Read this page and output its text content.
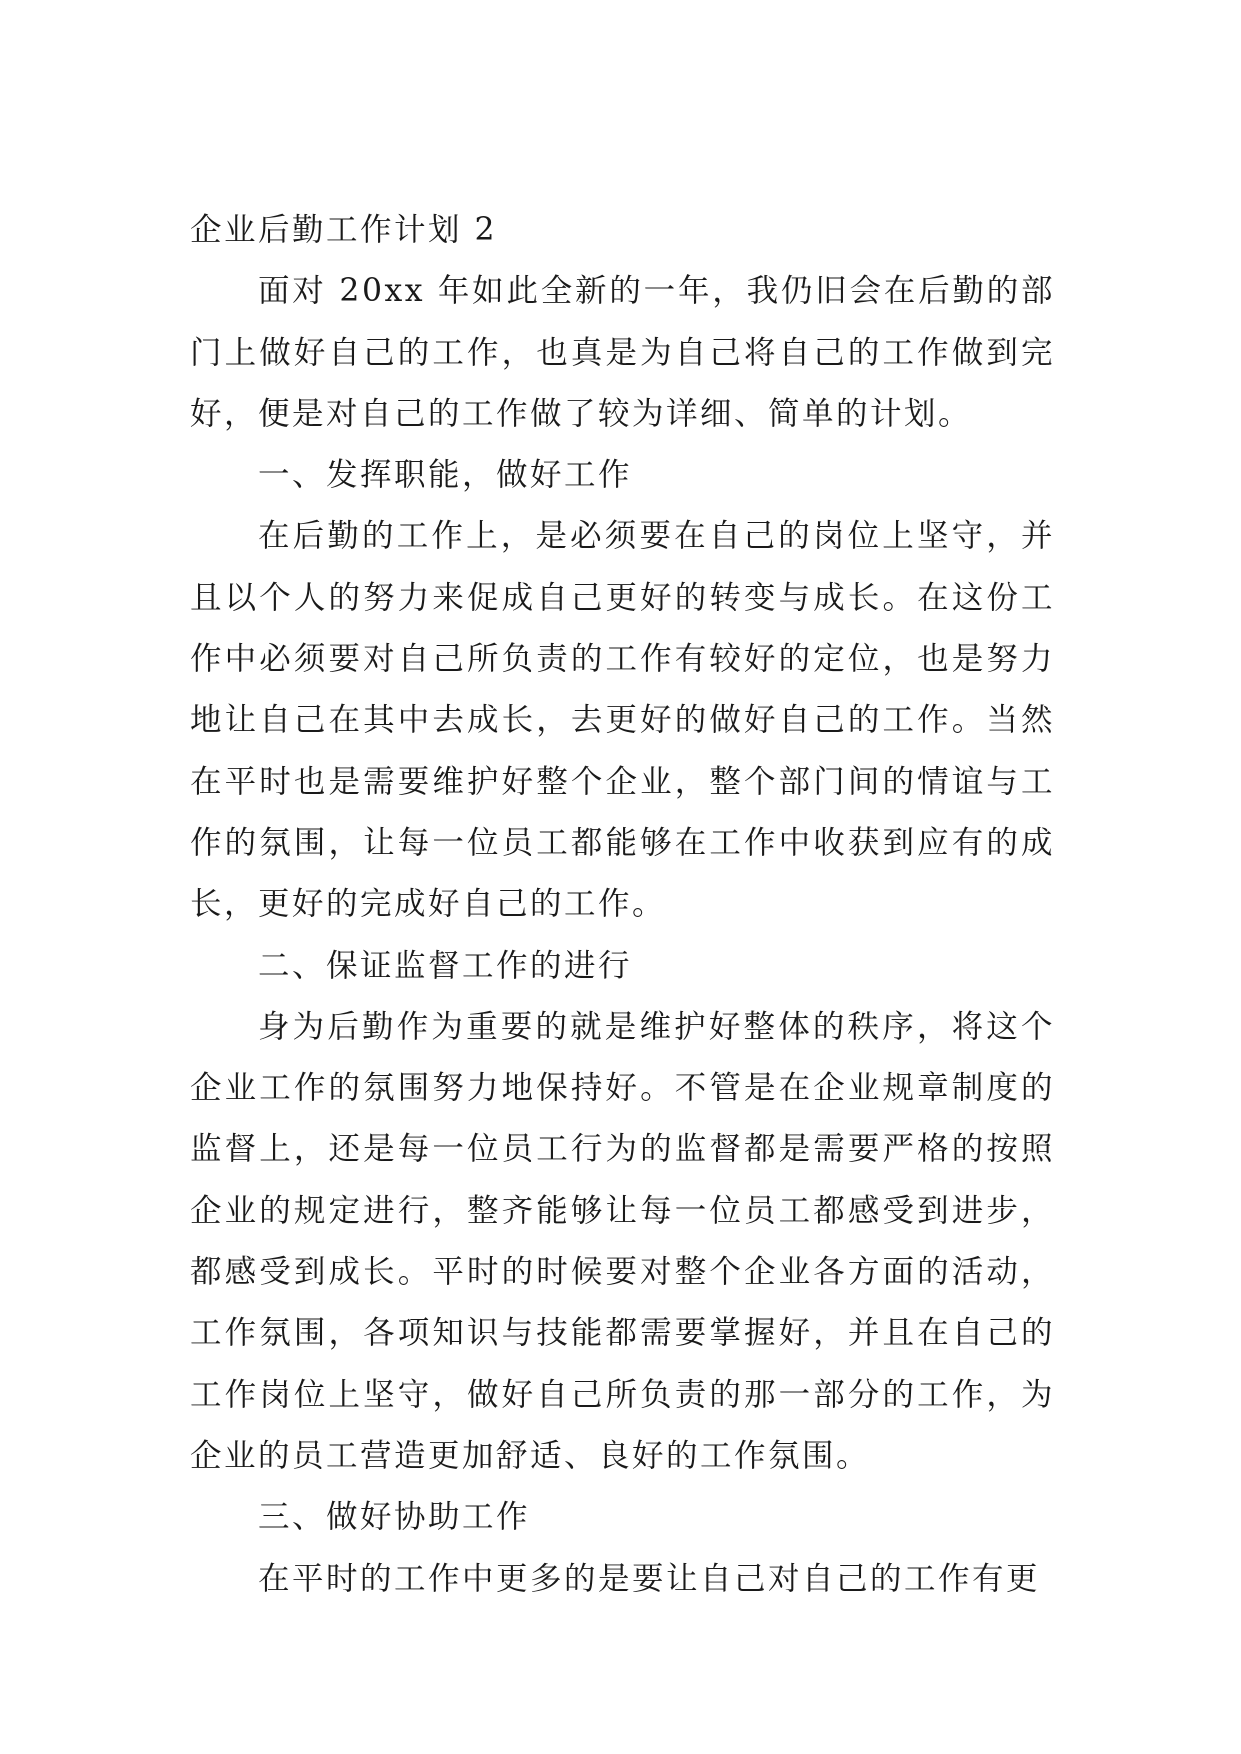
企业后勤工作计划 2

面对 20xx 年如此全新的一年，我仍旧会在后勤的部门上做好自己的工作，也真是为自己将自己的工作做到完好，便是对自己的工作做了较为详细、简单的计划。

一、发挥职能，做好工作

在后勤的工作上，是必须要在自己的岗位上坚守，并且以个人的努力来促成自己更好的转变与成长。在这份工作中必须要对自己所负责的工作有较好的定位，也是努力地让自己在其中去成长，去更好的做好自己的工作。当然在平时也是需要维护好整个企业，整个部门间的情谊与工作的氛围，让每一位员工都能够在工作中收获到应有的成长，更好的完成好自己的工作。

二、保证监督工作的进行

身为后勤作为重要的就是维护好整体的秩序，将这个企业工作的氛围努力地保持好。不管是在企业规章制度的监督上，还是每一位员工行为的监督都是需要严格的按照企业的规定进行，整齐能够让每一位员工都感受到进步，都感受到成长。平时的时候要对整个企业各方面的活动，工作氛围，各项知识与技能都需要掌握好，并且在自己的工作岗位上坚守，做好自己所负责的那一部分的工作，为企业的员工营造更加舒适、良好的工作氛围。

三、做好协助工作

在平时的工作中更多的是要让自己对自己的工作有更
